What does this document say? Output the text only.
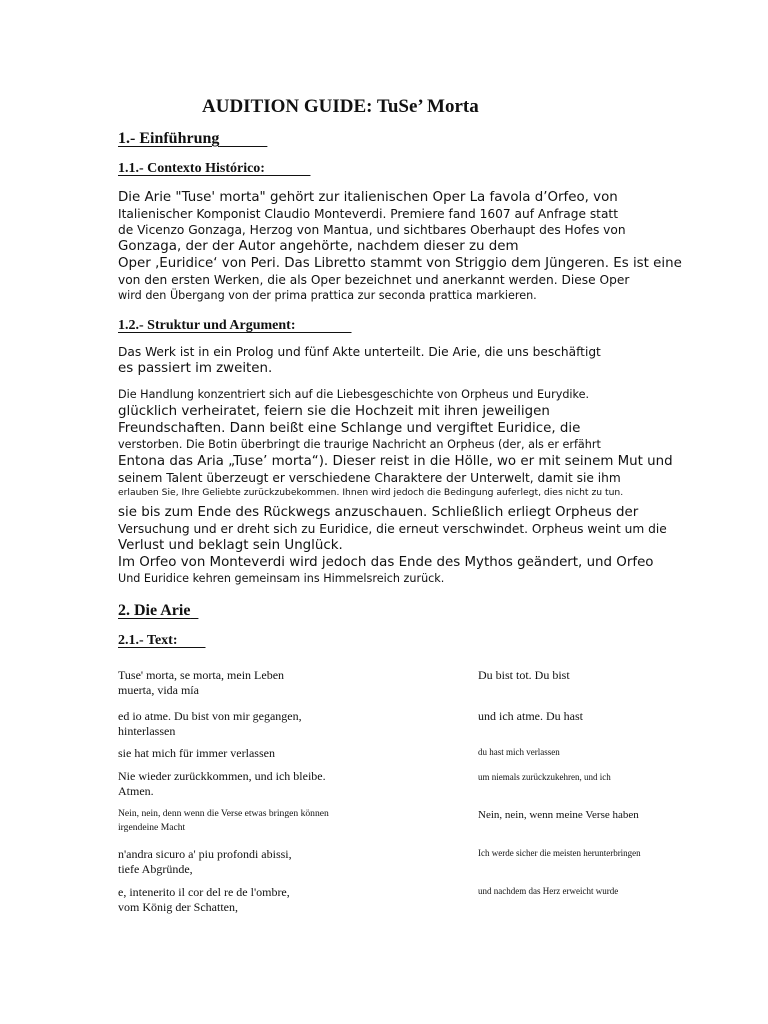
AUDITION GUIDE: TuSe’ Morta
1.- Einführung
1.1.- Contexto Histórico:
Die Arie "Tuse' morta" gehört zur italienischen Oper La favola d’Orfeo, von
Italienischer Komponist Claudio Monteverdi. Premiere fand 1607 auf Anfrage statt
de Vicenzo Gonzaga, Herzog von Mantua, und sichtbares Oberhaupt des Hofes von
Gonzaga, der der Autor angehörte, nachdem dieser zu dem
Oper ‚Euridice‘ von Peri. Das Libretto stammt von Striggio dem Jüngeren. Es ist eine
von den ersten Werken, die als Oper bezeichnet und anerkannt werden. Diese Oper
wird den Übergang von der prima prattica zur seconda prattica markieren.
1.2.- Struktur und Argument:
Das Werk ist in ein Prolog und fünf Akte unterteilt. Die Arie, die uns beschäftigt
es passiert im zweiten.
Die Handlung konzentriert sich auf die Liebesgeschichte von Orpheus und Eurydike.
glücklich verheiratet, feiern sie die Hochzeit mit ihren jeweiligen
Freundschaften. Dann beißt eine Schlange und vergiftet Euridice, die
verstorben. Die Botin überbringt die traurige Nachricht an Orpheus (der, als er erfährt
Entona das Aria „Tuse’ morta“). Dieser reist in die Hölle, wo er mit seinem Mut und
seinem Talent überzeugt er verschiedene Charaktere der Unterwelt, damit sie ihm
erlauben Sie, Ihre Geliebte zurückzubekommen. Ihnen wird jedoch die Bedingung auferlegt, dies nicht zu tun.
sie bis zum Ende des Rückwegs anzuschauen. Schließlich erliegt Orpheus der
Versuchung und er dreht sich zu Euridice, die erneut verschwindet. Orpheus weint um die
Verlust und beklagt sein Unglück.
Im Orfeo von Monteverdi wird jedoch das Ende des Mythos geändert, und Orfeo
Und Euridice kehren gemeinsam ins Himmelsreich zurück.
2. Die Arie
2.1.- Text:
Tuse' morta, se morta, mein Leben
muerta, vida mía
Du bist tot. Du bist
ed io atme. Du bist von mir gegangen,
hinterlassen
und ich atme. Du hast
sie hat mich für immer verlassen	du hast mich verlassen
Nie wieder zurückkommen, und ich bleibe.
Atmen.
um niemals zurückzukehren, und ich
Nein, nein, denn wenn die Verse etwas bringen können
irgendeine Macht
Nein, nein, wenn meine Verse haben
n'andra sicuro a' piu profondi abissi,
tiefe Abgründe,
Ich werde sicher die meisten herunterbringen
e, intenerito il cor del re de l'ombre,
vom König der Schatten,
und nachdem das Herz erweicht wurde
